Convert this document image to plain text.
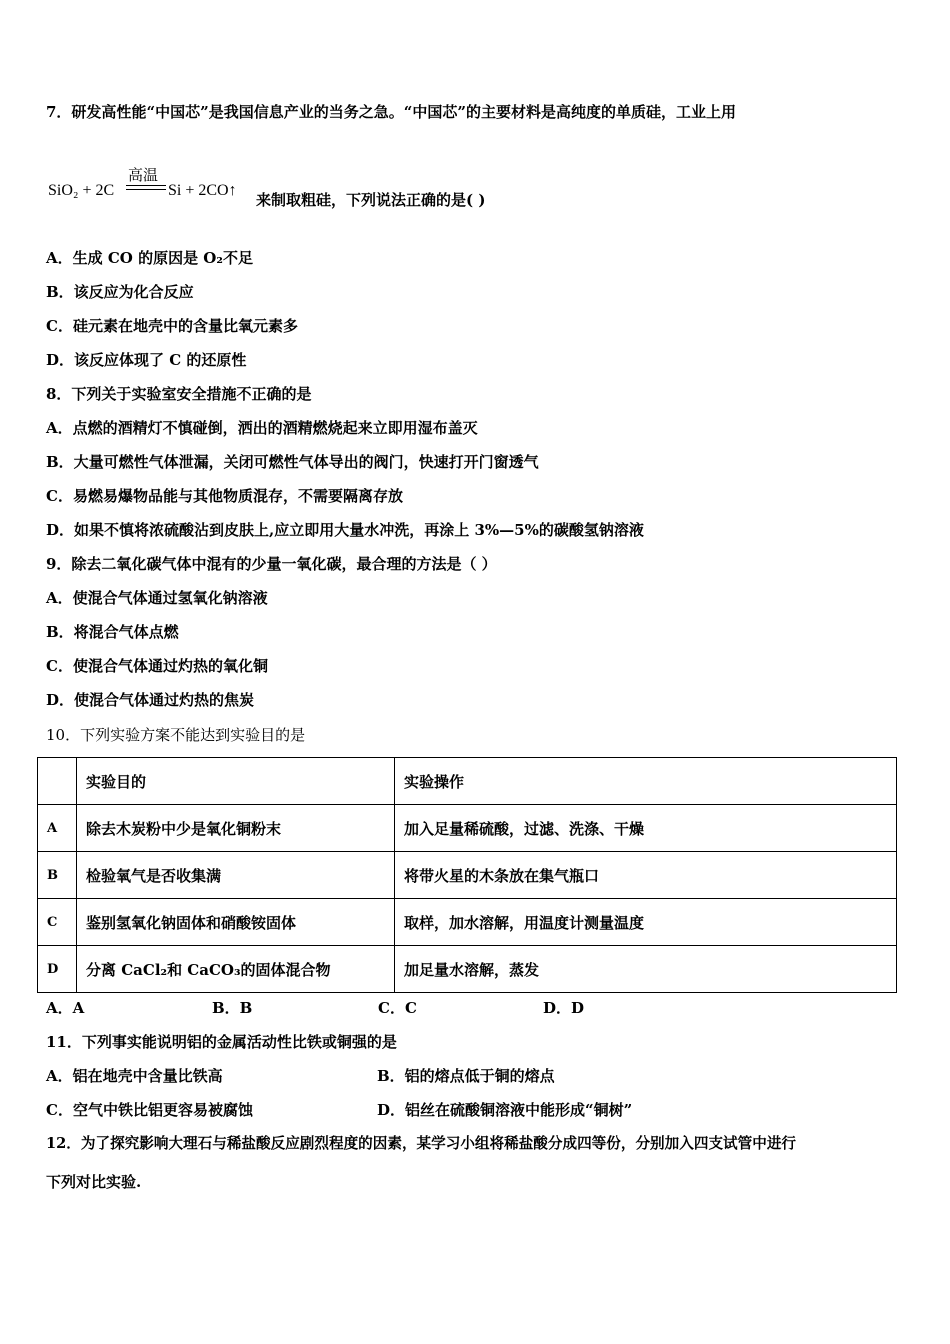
7．研发高性能“中国芯”是我国信息产业的当务之急。“中国芯”的主要材料是高纯度的单质硅，工业上用
SiO₂ + 2C
高温
Si + 2CO↑
来制取粗硅，下列说法正确的是( )
A．生成 CO 的原因是 O₂不足
B．该反应为化合反应
C．硅元素在地壳中的含量比氧元素多
D．该反应体现了 C 的还原性
8．下列关于实验室安全措施不正确的是
A．点燃的酒精灯不慎碰倒，洒出的酒精燃烧起来立即用湿布盖灭
B．大量可燃性气体泄漏，关闭可燃性气体导出的阀门，快速打开门窗透气
C．易燃易爆物品能与其他物质混存，不需要隔离存放
D．如果不慎将浓硫酸沾到皮肤上,应立即用大量水冲洗，再涂上 3%—5%的碳酸氢钠溶液
9．除去二氧化碳气体中混有的少量一氧化碳，最合理的方法是（ ）
A．使混合气体通过氢氧化钠溶液
B．将混合气体点燃
C．使混合气体通过灼热的氧化铜
D．使混合气体通过灼热的焦炭
10．下列实验方案不能达到实验目的是
	实验目的	实验操作
A	除去木炭粉中少是氧化铜粉末	加入足量稀硫酸，过滤、洗涤、干燥
B	检验氧气是否收集满	将带火星的木条放在集气瓶口
C	鉴别氢氧化钠固体和硝酸铵固体	取样，加水溶解，用温度计测量温度
D	分离 CaCl₂和 CaCO₃的固体混合物	加足量水溶解，蒸发
A．A	B．B	C．C	D．D
11．下列事实能说明铝的金属活动性比铁或铜强的是
A．铝在地壳中含量比铁高	B．铝的熔点低于铜的熔点
C．空气中铁比铝更容易被腐蚀	D．铝丝在硫酸铜溶液中能形成“铜树”
12．为了探究影响大理石与稀盐酸反应剧烈程度的因素，某学习小组将稀盐酸分成四等份，分别加入四支试管中进行
下列对比实验.
